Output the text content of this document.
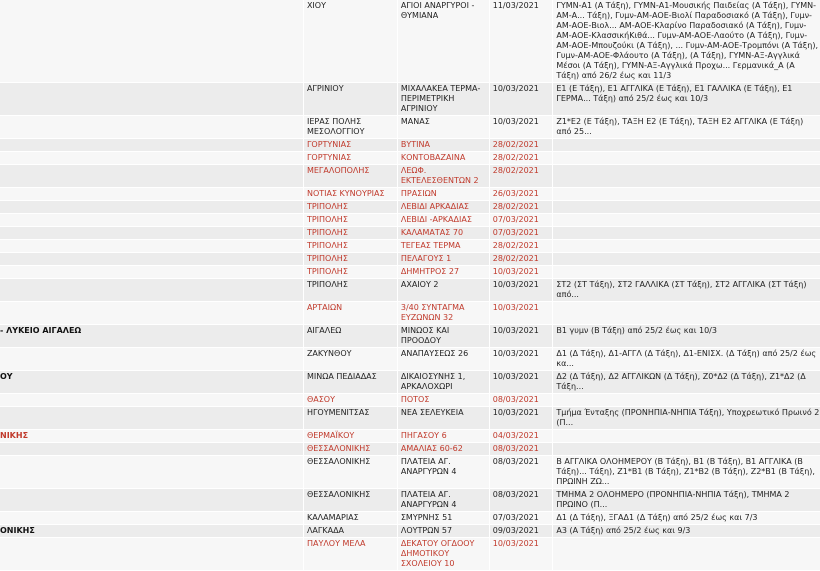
	ΧΙΟΥ	ΑΓΙΟΙ ΑΝΑΡΓΥΡΟΙ - ΘΥΜΙΑΝΑ	11/03/2021	ΓΥΜΝ-Α1 (Α Τάξη), ΓΥΜΝ-Α1-Μουσικής Παιδείας (Α Τάξη), ΓΥΜΝ-ΑΜ-Α... Τάξη), Γυμν-ΑΜ-ΑΟΕ-Βιολί Παραδοσιακό (Α Τάξη), Γυμν-ΑΜ-ΑΟΕ-Βιολ... ΑΜ-ΑΟΕ-Κλαρίνο Παραδοσιακό (Α Τάξη), Γυμν-ΑΜ-ΑΟΕ-ΚλασσικήΚιθά... Γυμν-ΑΜ-ΑΟΕ-Λαούτο (Α Τάξη), Γυμν-ΑΜ-ΑΟΕ-Μπουζούκι (Α Τάξη), ... Γυμν-ΑΜ-ΑΟΕ-Τρομπόνι (Α Τάξη), Γυμν-ΑΜ-ΑΟΕ-Φλάουτο (Α Τάξη), (Α Τάξη), ΓΥΜΝ-ΑΞ-Αγγλικά Μέσοι (Α Τάξη), ΓΥΜΝ-ΑΞ-Αγγλικά Προχω... Γερμανικά_Α (Α Τάξη) από 26/2 έως και 11/3
	ΑΓΡΙΝΙΟΥ	ΜΙΧΑΛΑΚΕΑ ΤΕΡΜΑ-ΠΕΡΙΜΕΤΡΙΚΗ ΑΓΡΙΝΙΟΥ	10/03/2021	Ε1 (Ε Τάξη), Ε1 ΑΓΓΛΙΚΑ (Ε Τάξη), Ε1 ΓΑΛΛΙΚΑ (Ε Τάξη), Ε1 ΓΕΡΜΑ... Τάξη) από 25/2 έως και 10/3
	ΙΕΡΑΣ ΠΟΛΗΣ ΜΕΣΟΛΟΓΓΙΟΥ	ΜΑΝΑΣ	10/03/2021	Ζ1*Ε2 (Ε Τάξη), ΤΑΞΗ Ε2 (Ε Τάξη), ΤΑΞΗ Ε2 ΑΓΓΛΙΚΑ (Ε Τάξη) από 25...
	ΓΟΡΤΥΝΙΑΣ	ΒΥΤΙΝΑ	28/02/2021	
	ΓΟΡΤΥΝΙΑΣ	ΚΟΝΤΟΒΑΖΑΙΝΑ	28/02/2021	
	ΜΕΓΑΛΟΠΟΛΗΣ	ΛΕΩΦ. ΕΚΤΕΛΕΣΘΕΝΤΩΝ 2	28/02/2021	
	ΝΟΤΙΑΣ ΚΥΝΟΥΡΙΑΣ	ΠΡΑΣΙΩΝ	26/03/2021	
	ΤΡΙΠΟΛΗΣ	ΛΕΒΙΔΙ ΑΡΚΑΔΙΑΣ	28/02/2021	
	ΤΡΙΠΟΛΗΣ	ΛΕΒΙΔΙ -ΑΡΚΑΔΙΑΣ	07/03/2021	
	ΤΡΙΠΟΛΗΣ	ΚΑΛΑΜΑΤΑΣ 70	07/03/2021	
	ΤΡΙΠΟΛΗΣ	ΤΕΓΕΑΣ ΤΕΡΜΑ	28/02/2021	
	ΤΡΙΠΟΛΗΣ	ΠΕΛΑΓΟΥΣ 1	28/02/2021	
	ΤΡΙΠΟΛΗΣ	ΔΗΜΗΤΡΟΣ 27	10/03/2021	
	ΤΡΙΠΟΛΗΣ	ΑΧΑΙΟΥ 2	10/03/2021	ΣΤ2 (ΣΤ Τάξη), ΣΤ2 ΓΑΛΛΙΚΑ (ΣΤ Τάξη), ΣΤ2 ΑΓΓΛΙΚΑ (ΣΤ Τάξη) από...
	ΑΡΤΑΙΩΝ	3/40 ΣΥΝΤΑΓΜΑ ΕΥΖΩΝΩΝ 32	10/03/2021	
- ΛΥΚΕΙΟ ΑΙΓΑΛΕΩ	ΑΙΓΑΛΕΩ	ΜΙΝΩΟΣ ΚΑΙ ΠΡΟΟΔΟΥ	10/03/2021	Β1 γυμν (Β Τάξη) από 25/2 έως και 10/3
	ΖΑΚΥΝΘΟΥ	ΑΝΑΠΑΥΣΕΩΣ 26	10/03/2021	Δ1 (Δ Τάξη), Δ1-ΑΓΓΛ (Δ Τάξη), Δ1-ΕΝΙΣΧ. (Δ Τάξη) από 25/2 έως κα...
ΟΥ	ΜΙΝΩΑ ΠΕΔΙΑΔΑΣ	ΔΙΚΑΙΟΣΥΝΗΣ 1, ΑΡΚΑΛΟΧΩΡΙ	10/03/2021	Δ2 (Δ Τάξη), Δ2 ΑΓΓΛΙΚΩΝ (Δ Τάξη), Ζ0*Δ2 (Δ Τάξη), Ζ1*Δ2 (Δ Τάξη...
	ΘΑΣΟΥ	ΠΟΤΟΣ	08/03/2021	
	ΗΓΟΥΜΕΝΙΤΣΑΣ	ΝΕΑ ΣΕΛΕΥΚΕΙΑ	10/03/2021	Τμήμα Ένταξης (ΠΡΟΝΗΠΙΑ-ΝΗΠΙΑ Τάξη), Υποχρεωτικό Πρωινό 2 (Π...
ΝΙΚΗΣ	ΘΕΡΜΑΪΚΟΥ	ΠΗΓΑΣΟΥ 6	04/03/2021	
	ΘΕΣΣΑΛΟΝΙΚΗΣ	ΑΜΑΛΙΑΣ 60-62	08/03/2021	
	ΘΕΣΣΑΛΟΝΙΚΗΣ	ΠΛΑΤΕΙΑ ΑΓ. ΑΝΑΡΓΥΡΩΝ 4	08/03/2021	Β ΑΓΓΛΙΚΑ ΟΛΟΗΜΕΡΟΥ (Β Τάξη), Β1 (Β Τάξη), Β1 ΑΓΓΛΙΚΑ (Β Τάξη)... Τάξη), Ζ1*Β1 (Β Τάξη), Ζ1*Β2 (Β Τάξη), Ζ2*Β1 (Β Τάξη), ΠΡΩΙΝΗ ΖΩ...
	ΘΕΣΣΑΛΟΝΙΚΗΣ	ΠΛΑΤΕΙΑ ΑΓ. ΑΝΑΡΓΥΡΩΝ 4	08/03/2021	ΤΜΗΜΑ 2 ΟΛΟΗΜΕΡΟ (ΠΡΟΝΗΠΙΑ-ΝΗΠΙΑ Τάξη), ΤΜΗΜΑ 2 ΠΡΩΙΝΟ (Π...
	ΚΑΛΑΜΑΡΙΑΣ	ΣΜΥΡΝΗΣ 51	07/03/2021	Δ1 (Δ Τάξη), ΞΓΑΔ1 (Δ Τάξη) από 25/2 έως και 7/3
ΟΝΙΚΗΣ	ΛΑΓΚΑΔΑ	ΛΟΥΤΡΩΝ 57	09/03/2021	Α3 (Α Τάξη) από 25/2 έως και 9/3
	ΠΑΥΛΟΥ ΜΕΛΑ	ΔΕΚΑΤΟΥ ΟΓΔΟΟΥ ΔΗΜΟΤΙΚΟΥ ΣΧΟΛΕΙΟΥ 10	10/03/2021	
